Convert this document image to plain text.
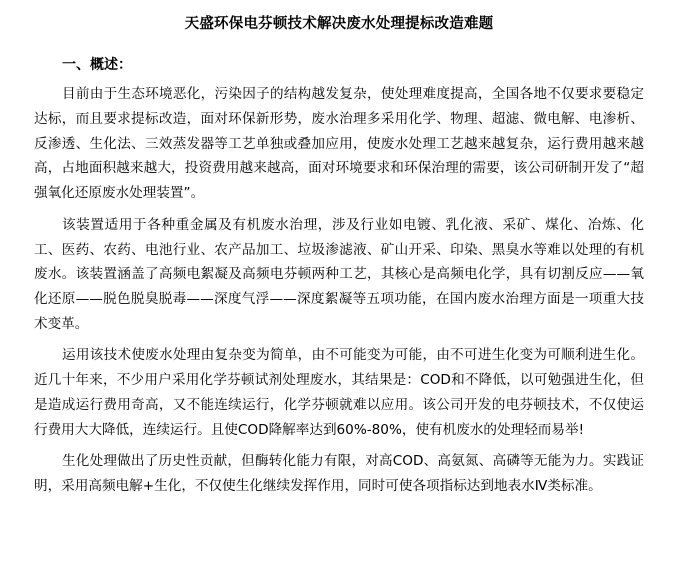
天盛环保电芬顿技术解决废水处理提标改造难题
一、概述：

目前由于生态环境恶化，污染因子的结构越发复杂，使处理难度提高，全国各地不仅要求要稳定达标，而且要求提标改造，面对环保新形势，废水治理多采用化学、物理、超滤、微电解、电渗析、反渗透、生化法、三效蒸发器等工艺单独或叠加应用，使废水处理工艺越来越复杂，运行费用越来越高，占地面积越来越大，投资费用越来越高，面对环境要求和环保治理的需要，该公司研制开发了“超强氧化还原废水处理装置”。

该装置适用于各种重金属及有机废水治理，涉及行业如电镀、乳化液、采矿、煤化、冶炼、化工、医药、农药、电池行业、农产品加工、垃圾渗滤液、矿山开采、印染、黑臭水等难以处理的有机废水。该装置涵盖了高频电絮凝及高频电芬顿两种工艺，其核心是高频电化学，具有切割反应——氧化还原——脱色脱臭脱毒——深度气浮——深度絮凝等五项功能，在国内废水治理方面是一项重大技术变革。

运用该技术使废水处理由复杂变为简单，由不可能变为可能，由不可进生化变为可顺利进生化。近几十年来，不少用户采用化学芬顿试剂处理废水，其结果是：COD和不降低，以可勉强进生化，但是造成运行费用奇高，又不能连续运行，化学芬顿就难以应用。该公司开发的电芬顿技术，不仅使运行费用大大降低，连续运行。且使COD降解率达到60%-80%，使有机废水的处理轻而易举!

生化处理做出了历史性贡献，但酶转化能力有限，对高COD、高氨氮、高磷等无能为力。实践证明，采用高频电解+生化，不仅使生化继续发挥作用，同时可使各项指标达到地表水Ⅳ类标准。
